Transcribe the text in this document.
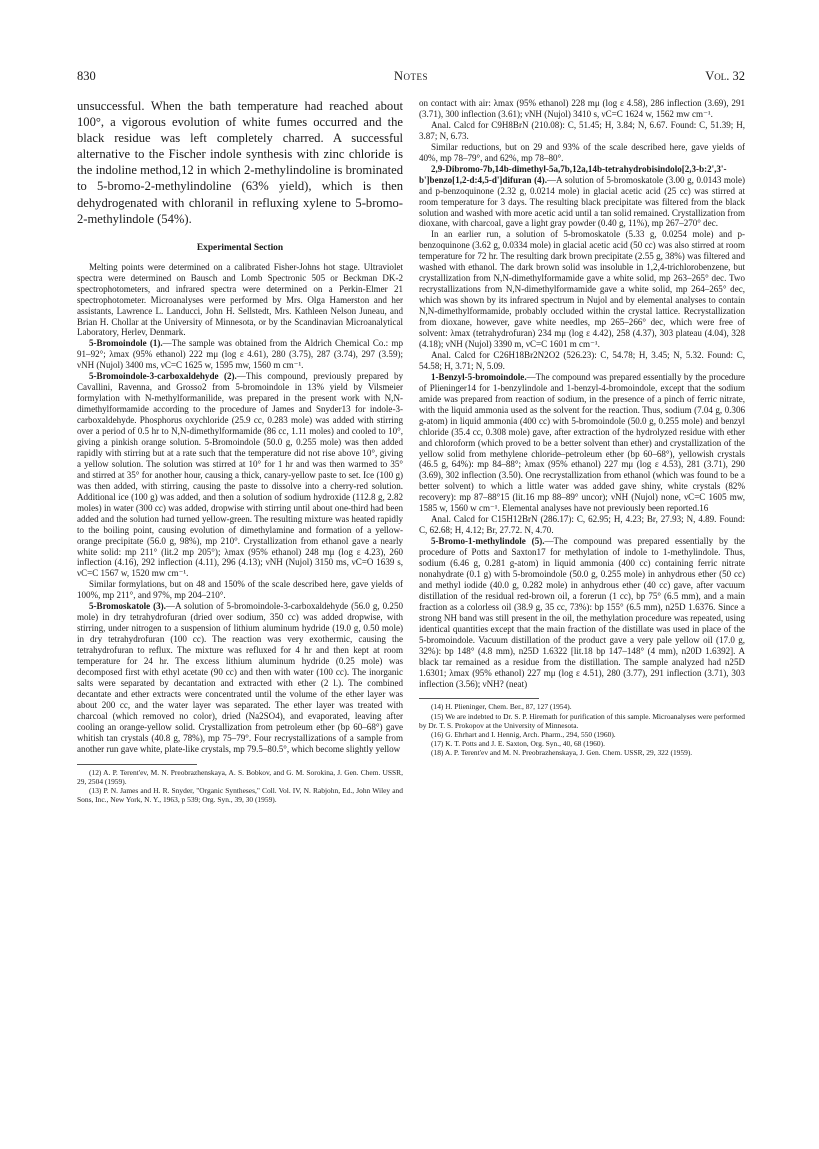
830	Notes	Vol. 32

unsuccessful. When the bath temperature had reached about 100°, a vigorous evolution of white fumes occurred and the black residue was left completely charred. A successful alternative to the Fischer indole synthesis with zinc chloride is the indoline method,12 in which 2-methylindoline is brominated to 5-bromo-2-methylindoline (63% yield), which is then dehydrogenated with chloranil in refluxing xylene to 5-bromo-2-methylindole (54%).

Experimental Section

Melting points were determined on a calibrated Fisher-Johns hot stage. Ultraviolet spectra were determined on Bausch and Lomb Spectronic 505 or Beckman DK-2 spectrophotometers, and infrared spectra were determined on a Perkin-Elmer 21 spectrophotometer. Microanalyses were performed by Mrs. Olga Hamerston and her assistants, Lawrence L. Landucci, John H. Sellstedt, Mrs. Kathleen Nelson Juneau, and Brian H. Chollar at the University of Minnesota, or by the Scandinavian Microanalytical Laboratory, Herlev, Denmark.

5-Bromoindole (1).—The sample was obtained from the Aldrich Chemical Co.: mp 91–92°; λmax (95% ethanol) 222 mμ (log ε 4.61), 280 (3.75), 287 (3.74), 297 (3.59); νNH (Nujol) 3400 ms, νC=C 1625 w, 1595 mw, 1560 m cm⁻¹.

5-Bromoindole-3-carboxaldehyde (2).—This compound, previously prepared by Cavallini, Ravenna, and Grosso2 from 5-bromoindole in 13% yield by Vilsmeier formylation with N-methylformanilide, was prepared in the present work with N,N-dimethylformamide according to the procedure of James and Snyder13 for indole-3-carboxaldehyde. Phosphorus oxychloride (25.9 cc, 0.283 mole) was added with stirring over a period of 0.5 hr to N,N-dimethylformamide (86 cc, 1.11 moles) and cooled to 10°, giving a pinkish orange solution. 5-Bromoindole (50.0 g, 0.255 mole) was then added rapidly with stirring but at a rate such that the temperature did not rise above 10°, giving a yellow solution. The solution was stirred at 10° for 1 hr and was then warmed to 35° and stirred at 35° for another hour, causing a thick, canary-yellow paste to set. Ice (100 g) was then added, with stirring, causing the paste to dissolve into a cherry-red solution. Additional ice (100 g) was added, and then a solution of sodium hydroxide (112.8 g, 2.82 moles) in water (300 cc) was added, dropwise with stirring until about one-third had been added and the solution had turned yellow-green. The resulting mixture was heated rapidly to the boiling point, causing evolution of dimethylamine and formation of a yellow-orange precipitate (56.0 g, 98%), mp 210°. Crystallization from ethanol gave a nearly white solid: mp 211° (lit.2 mp 205°); λmax (95% ethanol) 248 mμ (log ε 4.23), 260 inflection (4.16), 292 inflection (4.11), 296 (4.13); νNH (Nujol) 3150 ms, νC=O 1639 s, νC=C 1567 w, 1520 mw cm⁻¹.

Similar formylations, but on 48 and 150% of the scale described here, gave yields of 100%, mp 211°, and 97%, mp 204–210°.

5-Bromoskatole (3).—A solution of 5-bromoindole-3-carboxaldehyde (56.0 g, 0.250 mole) in dry tetrahydrofuran (dried over sodium, 350 cc) was added dropwise, with stirring, under nitrogen to a suspension of lithium aluminum hydride (19.0 g, 0.50 mole) in dry tetrahydrofuran (100 cc). The reaction was very exothermic, causing the tetrahydrofuran to reflux. The mixture was refluxed for 4 hr and then kept at room temperature for 24 hr. The excess lithium aluminum hydride (0.25 mole) was decomposed first with ethyl acetate (90 cc) and then with water (100 cc). The inorganic salts were separated by decantation and extracted with ether (2 l.). The combined decantate and ether extracts were concentrated until the volume of the ether layer was about 200 cc, and the water layer was separated. The ether layer was treated with charcoal (which removed no color), dried (Na2SO4), and evaporated, leaving after cooling an orange-yellow solid. Crystallization from petroleum ether (bp 60–68°) gave whitish tan crystals (40.8 g, 78%), mp 75–79°. Four recrystallizations of a sample from another run gave white, plate-like crystals, mp 79.5–80.5°, which become slightly yellow

(12) A. P. Terent'ev, M. N. Preobrazhenskaya, A. S. Bobkov, and G. M. Sorokina, J. Gen. Chem. USSR, 29, 2504 (1959).

(13) P. N. James and H. R. Snyder, "Organic Syntheses," Coll. Vol. IV, N. Rabjohn, Ed., John Wiley and Sons, Inc., New York, N. Y., 1963, p 539; Org. Syn., 39, 30 (1959).

on contact with air: λmax (95% ethanol) 228 mμ (log ε 4.58), 286 inflection (3.69), 291 (3.71), 300 inflection (3.61); νNH (Nujol) 3410 s, νC=C 1624 w, 1562 mw cm⁻¹.

Anal. Calcd for C9H8BrN (210.08): C, 51.45; H, 3.84; N, 6.67. Found: C, 51.39; H, 3.87; N, 6.73.

Similar reductions, but on 29 and 93% of the scale described here, gave yields of 40%, mp 78–79°, and 62%, mp 78–80°.

2,9-Dibromo-7b,14b-dimethyl-5a,7b,12a,14b-tetrahydrobisindolo[2,3-b:2',3'-b']benzo[1,2-d:4,5-d']difuran (4).—A solution of 5-bromoskatole (3.00 g, 0.0143 mole) and p-benzoquinone (2.32 g, 0.0214 mole) in glacial acetic acid (25 cc) was stirred at room temperature for 3 days. The resulting black precipitate was filtered from the black solution and washed with more acetic acid until a tan solid remained. Crystallization from dioxane, with charcoal, gave a light gray powder (0.40 g, 11%), mp 267–270° dec.

In an earlier run, a solution of 5-bromoskatole (5.33 g, 0.0254 mole) and p-benzoquinone (3.62 g, 0.0334 mole) in glacial acetic acid (50 cc) was also stirred at room temperature for 72 hr. The resulting dark brown precipitate (2.55 g, 38%) was filtered and washed with ethanol. The dark brown solid was insoluble in 1,2,4-trichlorobenzene, but crystallization from N,N-dimethylformamide gave a white solid, mp 263–265° dec. Two recrystallizations from N,N-dimethylformamide gave a white solid, mp 264–265° dec, which was shown by its infrared spectrum in Nujol and by elemental analyses to contain N,N-dimethylformamide, probably occluded within the crystal lattice. Recrystallization from dioxane, however, gave white needles, mp 265–266° dec, which were free of solvent: λmax (tetrahydrofuran) 234 mμ (log ε 4.42), 258 (4.37), 303 plateau (4.04), 328 (4.18); νNH (Nujol) 3390 m, νC=C 1601 m cm⁻¹.

Anal. Calcd for C26H18Br2N2O2 (526.23): C, 54.78; H, 3.45; N, 5.32. Found: C, 54.58; H, 3.71; N, 5.09.

1-Benzyl-5-bromoindole.—The compound was prepared essentially by the procedure of Plieninger14 for 1-benzylindole and 1-benzyl-4-bromoindole, except that the sodium amide was prepared from reaction of sodium, in the presence of a pinch of ferric nitrate, with the liquid ammonia used as the solvent for the reaction. Thus, sodium (7.04 g, 0.306 g-atom) in liquid ammonia (400 cc) with 5-bromoindole (50.0 g, 0.255 mole) and benzyl chloride (35.4 cc, 0.308 mole) gave, after extraction of the hydrolyzed residue with ether and chloroform (which proved to be a better solvent than ether) and crystallization of the yellow solid from methylene chloride–petroleum ether (bp 60–68°), yellowish crystals (46.5 g, 64%): mp 84–88°; λmax (95% ethanol) 227 mμ (log ε 4.53), 281 (3.71), 290 (3.69), 302 inflection (3.50). One recrystallization from ethanol (which was found to be a better solvent) to which a little water was added gave shiny, white crystals (82% recovery): mp 87–88°15 (lit.16 mp 88–89° uncor); νNH (Nujol) none, νC=C 1605 mw, 1585 w, 1560 w cm⁻¹. Elemental analyses have not previously been reported.16

Anal. Calcd for C15H12BrN (286.17): C, 62.95; H, 4.23; Br, 27.93; N, 4.89. Found: C, 62.68; H, 4.12; Br, 27.72. N, 4.70.

5-Bromo-1-methylindole (5).—The compound was prepared essentially by the procedure of Potts and Saxton17 for methylation of indole to 1-methylindole. Thus, sodium (6.46 g, 0.281 g-atom) in liquid ammonia (400 cc) containing ferric nitrate nonahydrate (0.1 g) with 5-bromoindole (50.0 g, 0.255 mole) in anhydrous ether (50 cc) and methyl iodide (40.0 g, 0.282 mole) in anhydrous ether (40 cc) gave, after vacuum distillation of the residual red-brown oil, a forerun (1 cc), bp 75° (6.5 mm), and a main fraction as a colorless oil (38.9 g, 35 cc, 73%): bp 155° (6.5 mm), n25D 1.6376. Since a strong NH band was still present in the oil, the methylation procedure was repeated, using identical quantities except that the main fraction of the distillate was used in place of the 5-bromoindole. Vacuum distillation of the product gave a very pale yellow oil (17.0 g, 32%): bp 148° (4.8 mm), n25D 1.6322 [lit.18 bp 147–148° (4 mm), n20D 1.6392]. A black tar remained as a residue from the distillation. The sample analyzed had n25D 1.6301; λmax (95% ethanol) 227 mμ (log ε 4.51), 280 (3.77), 291 inflection (3.71), 303 inflection (3.56); νNH? (neat)

(14) H. Plieninger, Chem. Ber., 87, 127 (1954).

(15) We are indebted to Dr. S. P. Hiremath for purification of this sample. Microanalyses were performed by Dr. T. S. Prokopov at the University of Minnesota.

(16) G. Ehrhart and I. Hennig, Arch. Pharm., 294, 550 (1960).

(17) K. T. Potts and J. E. Saxton, Org. Syn., 40, 68 (1960).

(18) A. P. Terent'ev and M. N. Preobrazhenskaya, J. Gen. Chem. USSR, 29, 322 (1959).
